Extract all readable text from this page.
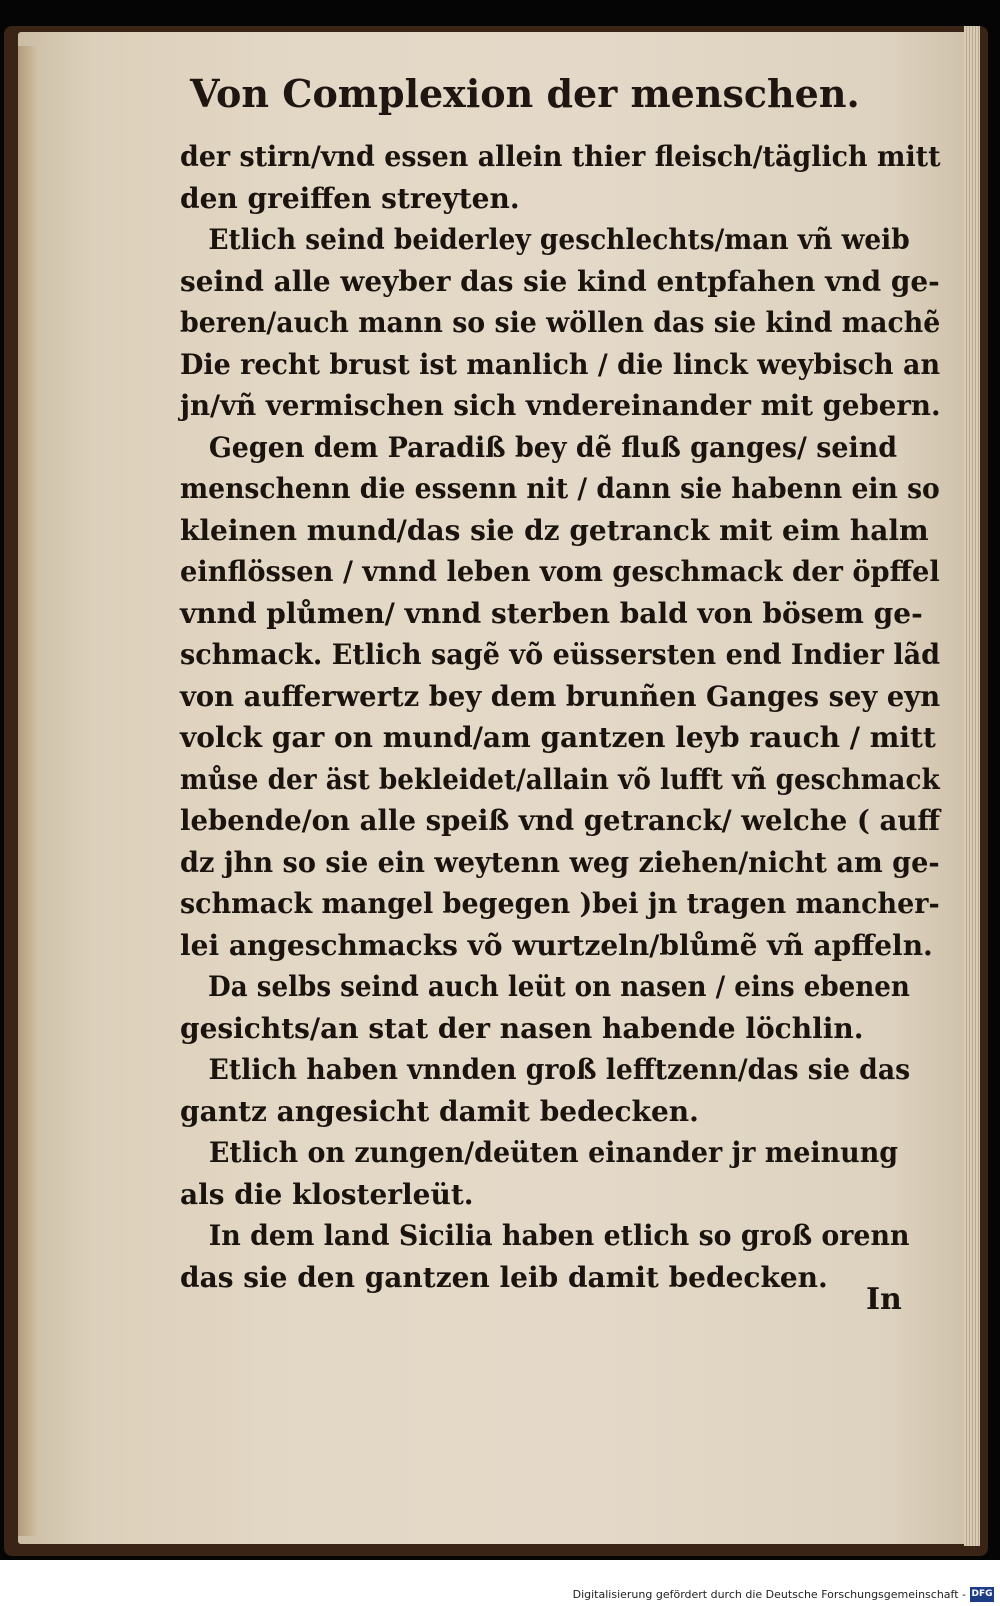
Von Complexion der menschen.
der stirn/vnd essen allein thier fleisch/täglich mitt
den greiffen streyten.
Etlich seind beiderley geschlechts/man vñ weib
seind alle weyber das sie kind entpfahen vnd ge-
beren/auch mann so sie wöllen das sie kind machẽ
Die recht brust ist manlich / die linck weybisch an
jn/vñ vermischen sich vndereinander mit gebern.
Gegen dem Paradiß bey dẽ fluß ganges/ seind
menschenn die essenn nit / dann sie habenn ein so
kleinen mund/das sie dz getranck mit eim halm
einflössen / vnnd leben vom geschmack der öpffel
vnnd plůmen/ vnnd sterben bald von bösem ge-
schmack. Etlich sagẽ võ eüssersten end Indier lãd
von aufferwertz bey dem brunñen Ganges sey eyn
volck gar on mund/am gantzen leyb rauch / mitt
můse der äst bekleidet/allain võ lufft vñ geschmack
lebende/on alle speiß vnd getranck/ welche ( auff
dz jhn so sie ein weytenn weg ziehen/nicht am ge-
schmack mangel begegen )bei jn tragen mancher-
lei angeschmacks võ wurtzeln/blůmẽ vñ apffeln.
Da selbs seind auch leüt on nasen / eins ebenen
gesichts/an stat der nasen habende löchlin.
Etlich haben vnnden groß lefftzenn/das sie das
gantz angesicht damit bedecken.
Etlich on zungen/deüten einander jr meinung
als die klosterleüt.
In dem land Sicilia haben etlich so groß orenn
das sie den gantzen leib damit bedecken.
In
Digitalisierung gefördert durch die Deutsche Forschungsgemeinschaft - DFG
